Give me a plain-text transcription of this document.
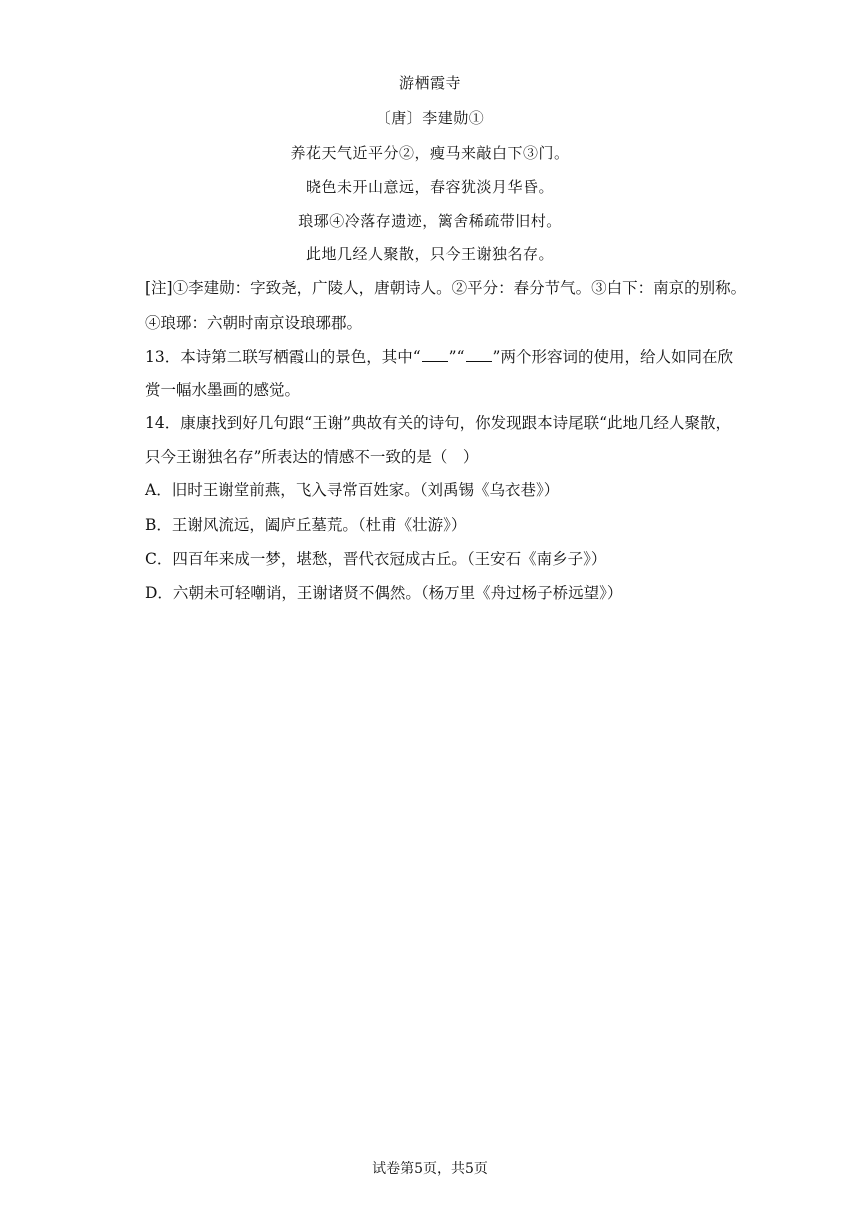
游栖霞寺
〔唐〕李建勋①
养花天气近平分②，瘦马来敲白下③门。
晓色未开山意远，春容犹淡月华昏。
琅琊④冷落存遗迹，篱舍稀疏带旧村。
此地几经人聚散，只今王谢独名存。
[注]①李建勋：字致尧，广陵人，唐朝诗人。②平分：春分节气。③白下：南京的别称。
④琅琊：六朝时南京设琅琊郡。
13．本诗第二联写栖霞山的景色，其中“ ”“ ”两个形容词的使用，给人如同在欣
赏一幅水墨画的感觉。
14．康康找到好几句跟“王谢”典故有关的诗句，你发现跟本诗尾联“此地几经人聚散，
只今王谢独名存”所表达的情感不一致的是（　）
A．旧时王谢堂前燕，飞入寻常百姓家。（刘禹锡《乌衣巷》）
B．王谢风流远，阖庐丘墓荒。（杜甫《壮游》）
C．四百年来成一梦，堪愁，晋代衣冠成古丘。（王安石《南乡子》）
D．六朝未可轻嘲诮，王谢诸贤不偶然。（杨万里《舟过杨子桥远望》）
试卷第5页，共5页
